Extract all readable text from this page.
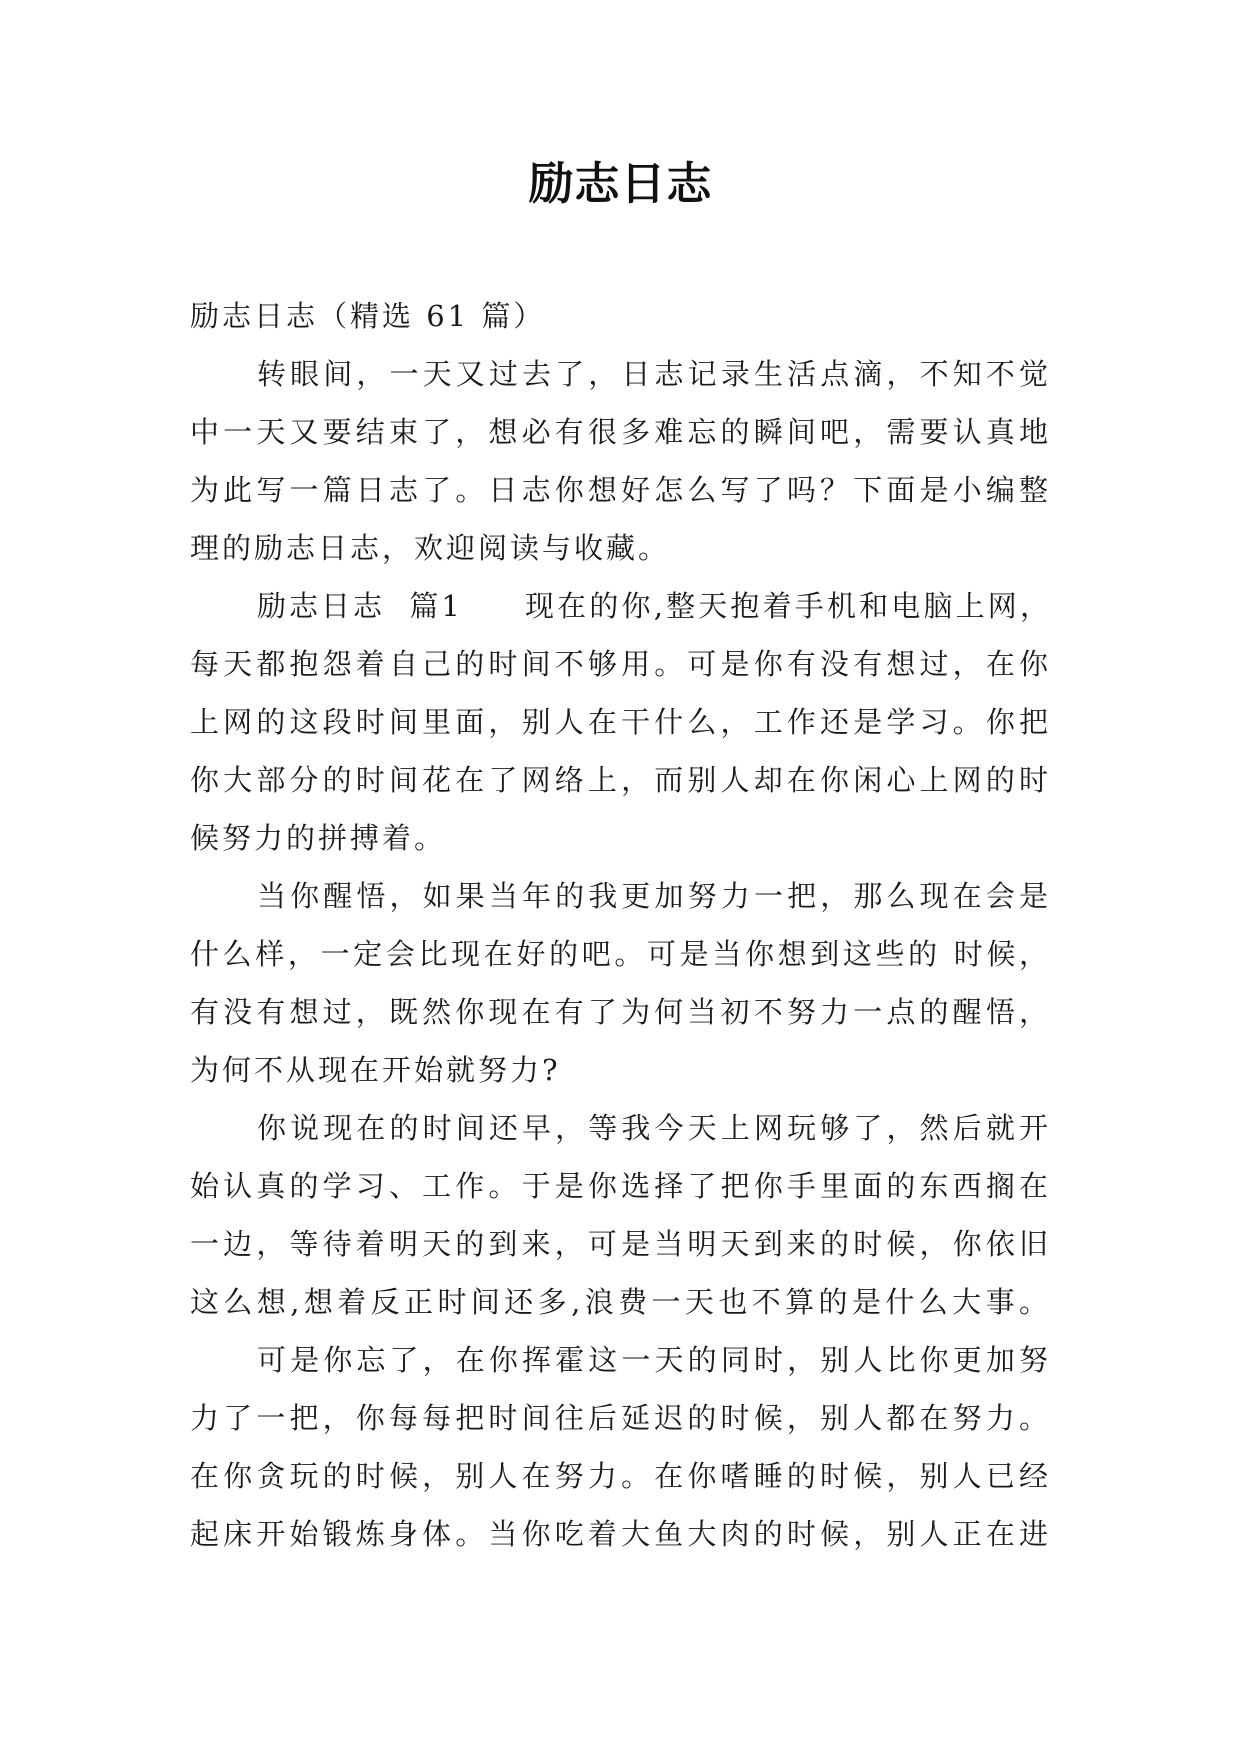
励志日志
励志日志（精选 61 篇）
转眼间，一天又过去了，日志记录生活点滴，不知不觉
中一天又要结束了，想必有很多难忘的瞬间吧，需要认真地
为此写一篇日志了。日志你想好怎么写了吗？下面是小编整
理的励志日志，欢迎阅读与收藏。
励志日志  篇1	现在的你,整天抱着手机和电脑上网，
每天都抱怨着自己的时间不够用。可是你有没有想过，在你
上网的这段时间里面，别人在干什么，工作还是学习。你把
你大部分的时间花在了网络上，而别人却在你闲心上网的时
候努力的拼搏着。
当你醒悟，如果当年的我更加努力一把，那么现在会是
什么样，一定会比现在好的吧。可是当你想到这些的 时候，
有没有想过，既然你现在有了为何当初不努力一点的醒悟，
为何不从现在开始就努力?
你说现在的时间还早，等我今天上网玩够了，然后就开
始认真的学习、工作。于是你选择了把你手里面的东西搁在
一边，等待着明天的到来，可是当明天到来的时候，你依旧
这么想,想着反正时间还多,浪费一天也不算的是什么大事。
可是你忘了，在你挥霍这一天的同时，别人比你更加努
力了一把，你每每把时间往后延迟的时候，别人都在努力。
在你贪玩的时候，别人在努力。在你嗜睡的时候，别人已经
起床开始锻炼身体。当你吃着大鱼大肉的时候，别人正在进
